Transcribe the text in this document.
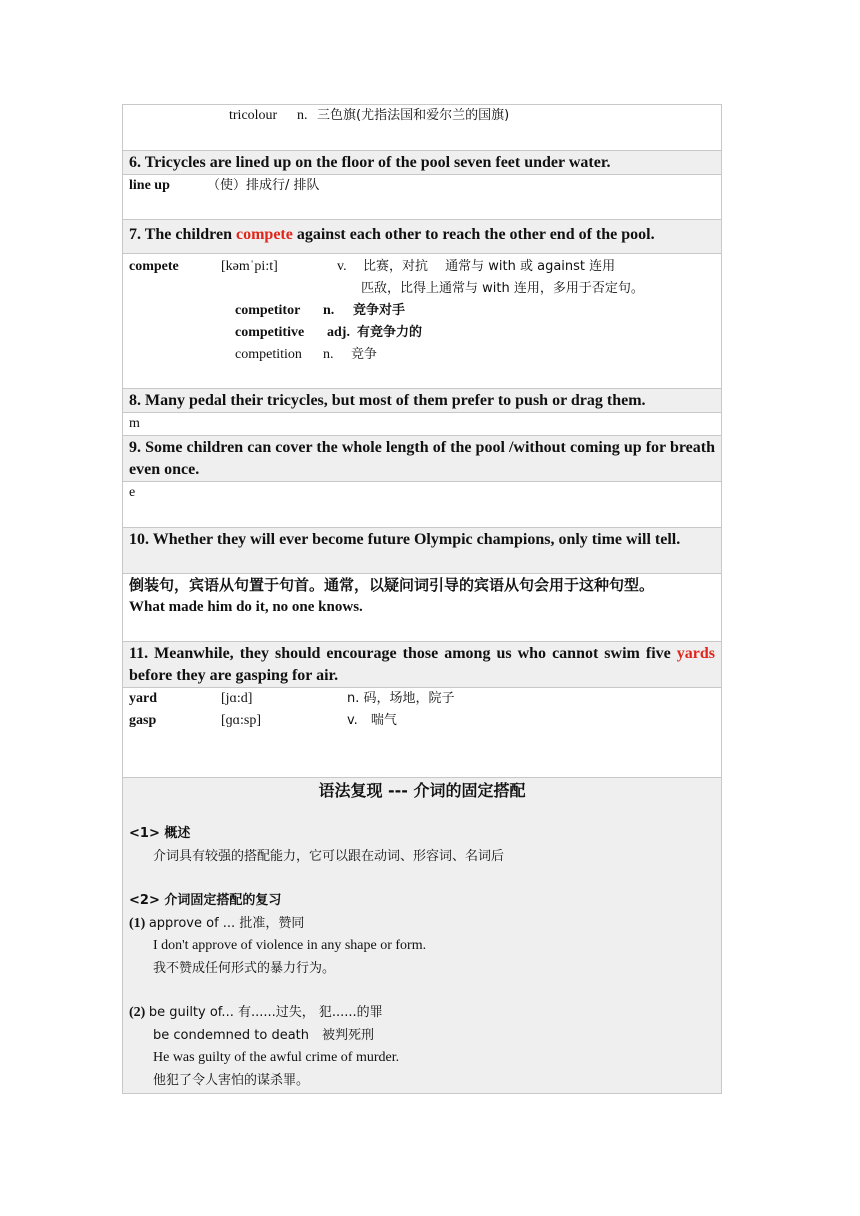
tricolour n. 三色旗(尤指法国和爱尔兰的国旗)
6. Tricycles are lined up on the floor of the pool seven feet under water.
line up	（使）排成行/ 排队
7. The children compete against each other to reach the other end of the pool.
compete	[kəmˈpi:t]	v. 比赛，对抗　 通常与 with 或 against 连用
匹敌，比得上通常与 with 连用，多用于否定句。
competitor n. 竞争对手
competitive adj. 有竞争力的
competition n. 竞争
8. Many pedal their tricycles, but most of them prefer to push or drag them.
m
9. Some children can cover the whole length of the pool /without coming up for breath even once.
e
10. Whether they will ever become future Olympic champions, only time will tell.
倒装句，宾语从句置于句首。通常，以疑问词引导的宾语从句会用于这种句型。
What made him do it, no one knows.
11. Meanwhile, they should encourage those among us who cannot swim five yards before they are gasping for air.
yard	[jɑ:d]	n. 码，场地，院子
gasp	[ɡɑ:sp]	v.　喘气
语法复现 --- 介词的固定搭配
<1> 概述
介词具有较强的搭配能力，它可以跟在动词、形容词、名词后
<2> 介词固定搭配的复习
(1) approve of ... 批准，赞同
I don't approve of violence in any shape or form.
我不赞成任何形式的暴力行为。
(2) be guilty of... 有......过失， 犯......的罪
be condemned to death　被判死刑
He was guilty of the awful crime of murder.
他犯了令人害怕的谋杀罪。
